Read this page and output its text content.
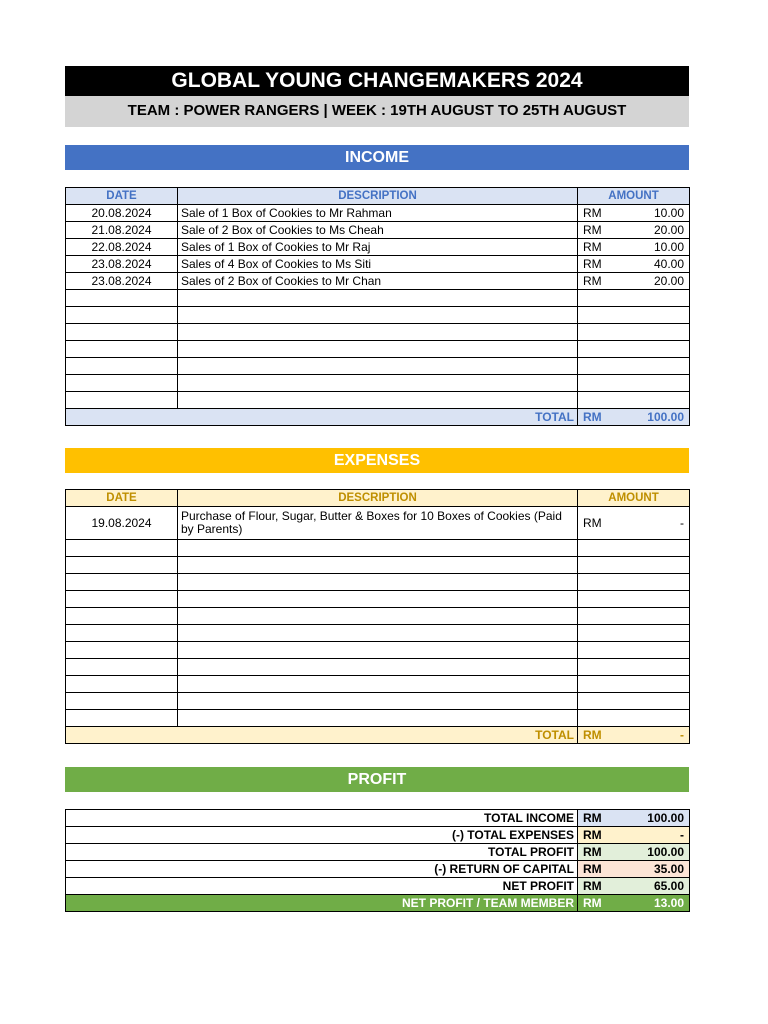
GLOBAL YOUNG CHANGEMAKERS 2024
TEAM : POWER RANGERS | WEEK : 19TH AUGUST TO 25TH AUGUST
INCOME
DATE	DESCRIPTION	AMOUNT
20.08.2024	Sale of 1 Box of Cookies to Mr Rahman	RM 10.00

21.08.2024	Sale of 2 Box of Cookies to Ms Cheah	RM 20.00

22.08.2024	Sales of 1 Box of Cookies to Mr Raj	RM 10.00

23.08.2024	Sales of 4 Box of Cookies to Ms Siti	RM 40.00

23.08.2024	Sales of 2 Box of Cookies to Mr Chan	RM 20.00

TOTAL		RM 100.00
EXPENSES
DATE	DESCRIPTION	AMOUNT
19.08.2024	Purchase of Flour, Sugar, Butter & Boxes for 10 Boxes of Cookies (Paid by Parents)	RM -

TOTAL		RM -
PROFIT
TOTAL INCOME	RM 100.00

(-) TOTAL EXPENSES	RM -

TOTAL PROFIT	RM 100.00

(-) RETURN OF CAPITAL	RM 35.00

NET PROFIT	RM 65.00

NET PROFIT / TEAM MEMBER	RM 13.00
